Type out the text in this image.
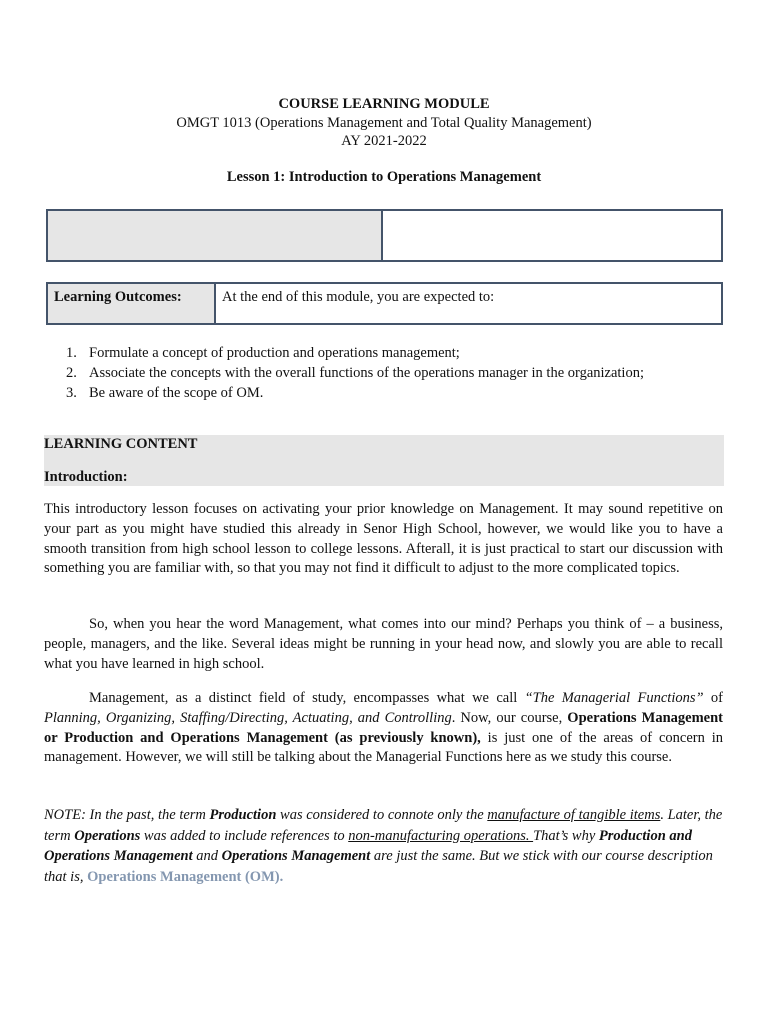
COURSE LEARNING MODULE
OMGT 1013 (Operations Management and Total Quality Management)
AY 2021-2022
Lesson 1: Introduction to Operations Management
Learning Outcomes:	At the end of this module, you are expected to:
1. Formulate a concept of production and operations management;
2. Associate the concepts with the overall functions of the operations manager in the organization;
3. Be aware of the scope of OM.
LEARNING CONTENT
Introduction:

This introductory lesson focuses on activating your prior knowledge on Management. It may sound repetitive on your part as you might have studied this already in Senor High School, however, we would like you to have a smooth transition from high school lesson to college lessons. Afterall, it is just practical to start our discussion with something you are familiar with, so that you may not find it difficult to adjust to the more complicated topics.

So, when you hear the word Management, what comes into our mind? Perhaps you think of – a business, people, managers, and the like. Several ideas might be running in your head now, and slowly you are able to recall what you have learned in high school.

Management, as a distinct field of study, encompasses what we call “The Managerial Functions” of Planning, Organizing, Staffing/Directing, Actuating, and Controlling. Now, our course, Operations Management or Production and Operations Management (as previously known), is just one of the areas of concern in management. However, we will still be talking about the Managerial Functions here as we study this course.

NOTE: In the past, the term Production was considered to connote only the manufacture of tangible items. Later, the term Operations was added to include references to non-manufacturing operations. That’s why Production and Operations Management and Operations Management are just the same. But we stick with our course description that is, Operations Management (OM).
